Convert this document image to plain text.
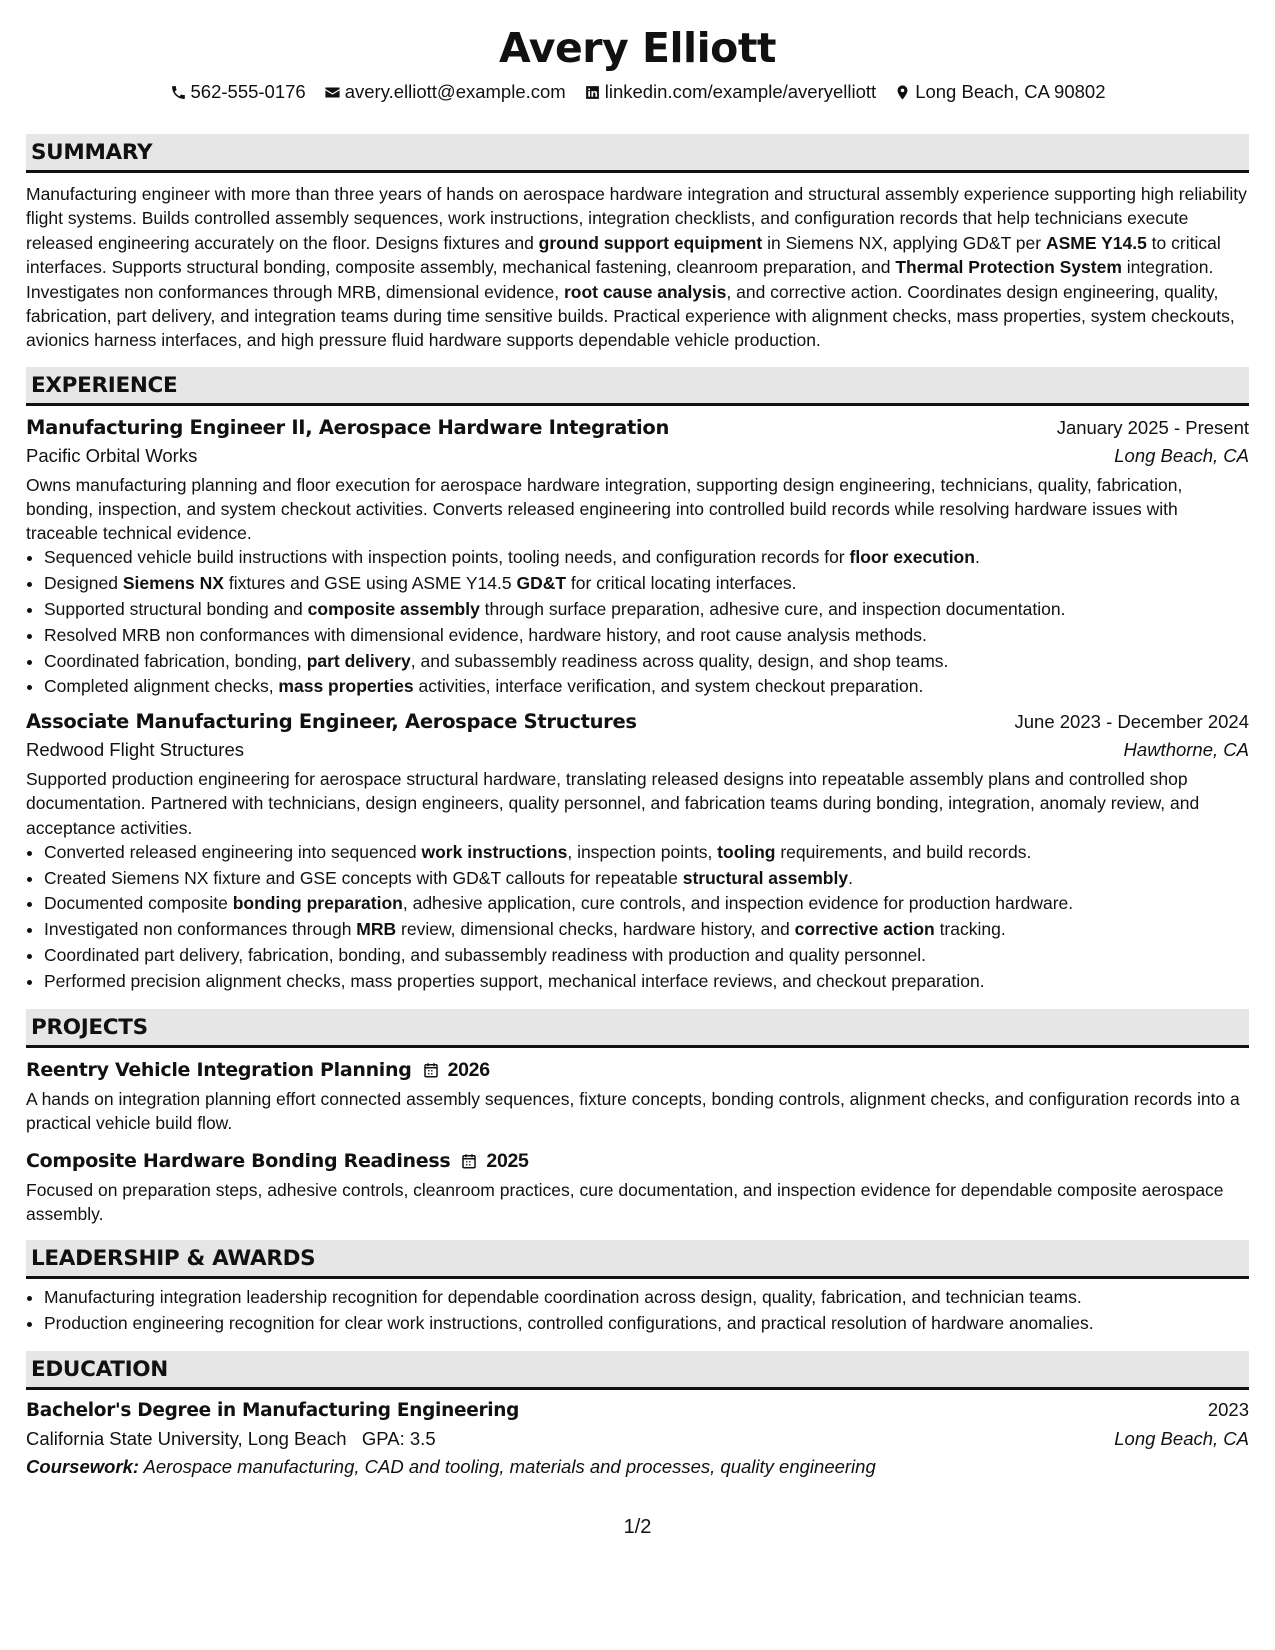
Avery Elliott
562-555-0176 avery.elliott@example.com linkedin.com/example/averyelliott Long Beach, CA 90802
SUMMARY
Manufacturing engineer with more than three years of hands on aerospace hardware integration and structural assembly experience supporting high reliability flight systems. Builds controlled assembly sequences, work instructions, integration checklists, and configuration records that help technicians execute released engineering accurately on the floor. Designs fixtures and ground support equipment in Siemens NX, applying GD&T per ASME Y14.5 to critical interfaces. Supports structural bonding, composite assembly, mechanical fastening, cleanroom preparation, and Thermal Protection System integration. Investigates non conformances through MRB, dimensional evidence, root cause analysis, and corrective action. Coordinates design engineering, quality, fabrication, part delivery, and integration teams during time sensitive builds. Practical experience with alignment checks, mass properties, system checkouts, avionics harness interfaces, and high pressure fluid hardware supports dependable vehicle production.
EXPERIENCE
Manufacturing Engineer II, Aerospace Hardware Integration	January 2025 - Present
Pacific Orbital Works	Long Beach, CA
Owns manufacturing planning and floor execution for aerospace hardware integration, supporting design engineering, technicians, quality, fabrication, bonding, inspection, and system checkout activities. Converts released engineering into controlled build records while resolving hardware issues with traceable technical evidence.
• Sequenced vehicle build instructions with inspection points, tooling needs, and configuration records for floor execution.
• Designed Siemens NX fixtures and GSE using ASME Y14.5 GD&T for critical locating interfaces.
• Supported structural bonding and composite assembly through surface preparation, adhesive cure, and inspection documentation.
• Resolved MRB non conformances with dimensional evidence, hardware history, and root cause analysis methods.
• Coordinated fabrication, bonding, part delivery, and subassembly readiness across quality, design, and shop teams.
• Completed alignment checks, mass properties activities, interface verification, and system checkout preparation.
Associate Manufacturing Engineer, Aerospace Structures	June 2023 - December 2024
Redwood Flight Structures	Hawthorne, CA
Supported production engineering for aerospace structural hardware, translating released designs into repeatable assembly plans and controlled shop documentation. Partnered with technicians, design engineers, quality personnel, and fabrication teams during bonding, integration, anomaly review, and acceptance activities.
• Converted released engineering into sequenced work instructions, inspection points, tooling requirements, and build records.
• Created Siemens NX fixture and GSE concepts with GD&T callouts for repeatable structural assembly.
• Documented composite bonding preparation, adhesive application, cure controls, and inspection evidence for production hardware.
• Investigated non conformances through MRB review, dimensional checks, hardware history, and corrective action tracking.
• Coordinated part delivery, fabrication, bonding, and subassembly readiness with production and quality personnel.
• Performed precision alignment checks, mass properties support, mechanical interface reviews, and checkout preparation.
PROJECTS
Reentry Vehicle Integration Planning 2026
A hands on integration planning effort connected assembly sequences, fixture concepts, bonding controls, alignment checks, and configuration records into a practical vehicle build flow.
Composite Hardware Bonding Readiness 2025
Focused on preparation steps, adhesive controls, cleanroom practices, cure documentation, and inspection evidence for dependable composite aerospace assembly.
LEADERSHIP & AWARDS
• Manufacturing integration leadership recognition for dependable coordination across design, quality, fabrication, and technician teams.
• Production engineering recognition for clear work instructions, controlled configurations, and practical resolution of hardware anomalies.
EDUCATION
Bachelor's Degree in Manufacturing Engineering	2023
California State University, Long Beach GPA: 3.5	Long Beach, CA
Coursework: Aerospace manufacturing, CAD and tooling, materials and processes, quality engineering
1/2
